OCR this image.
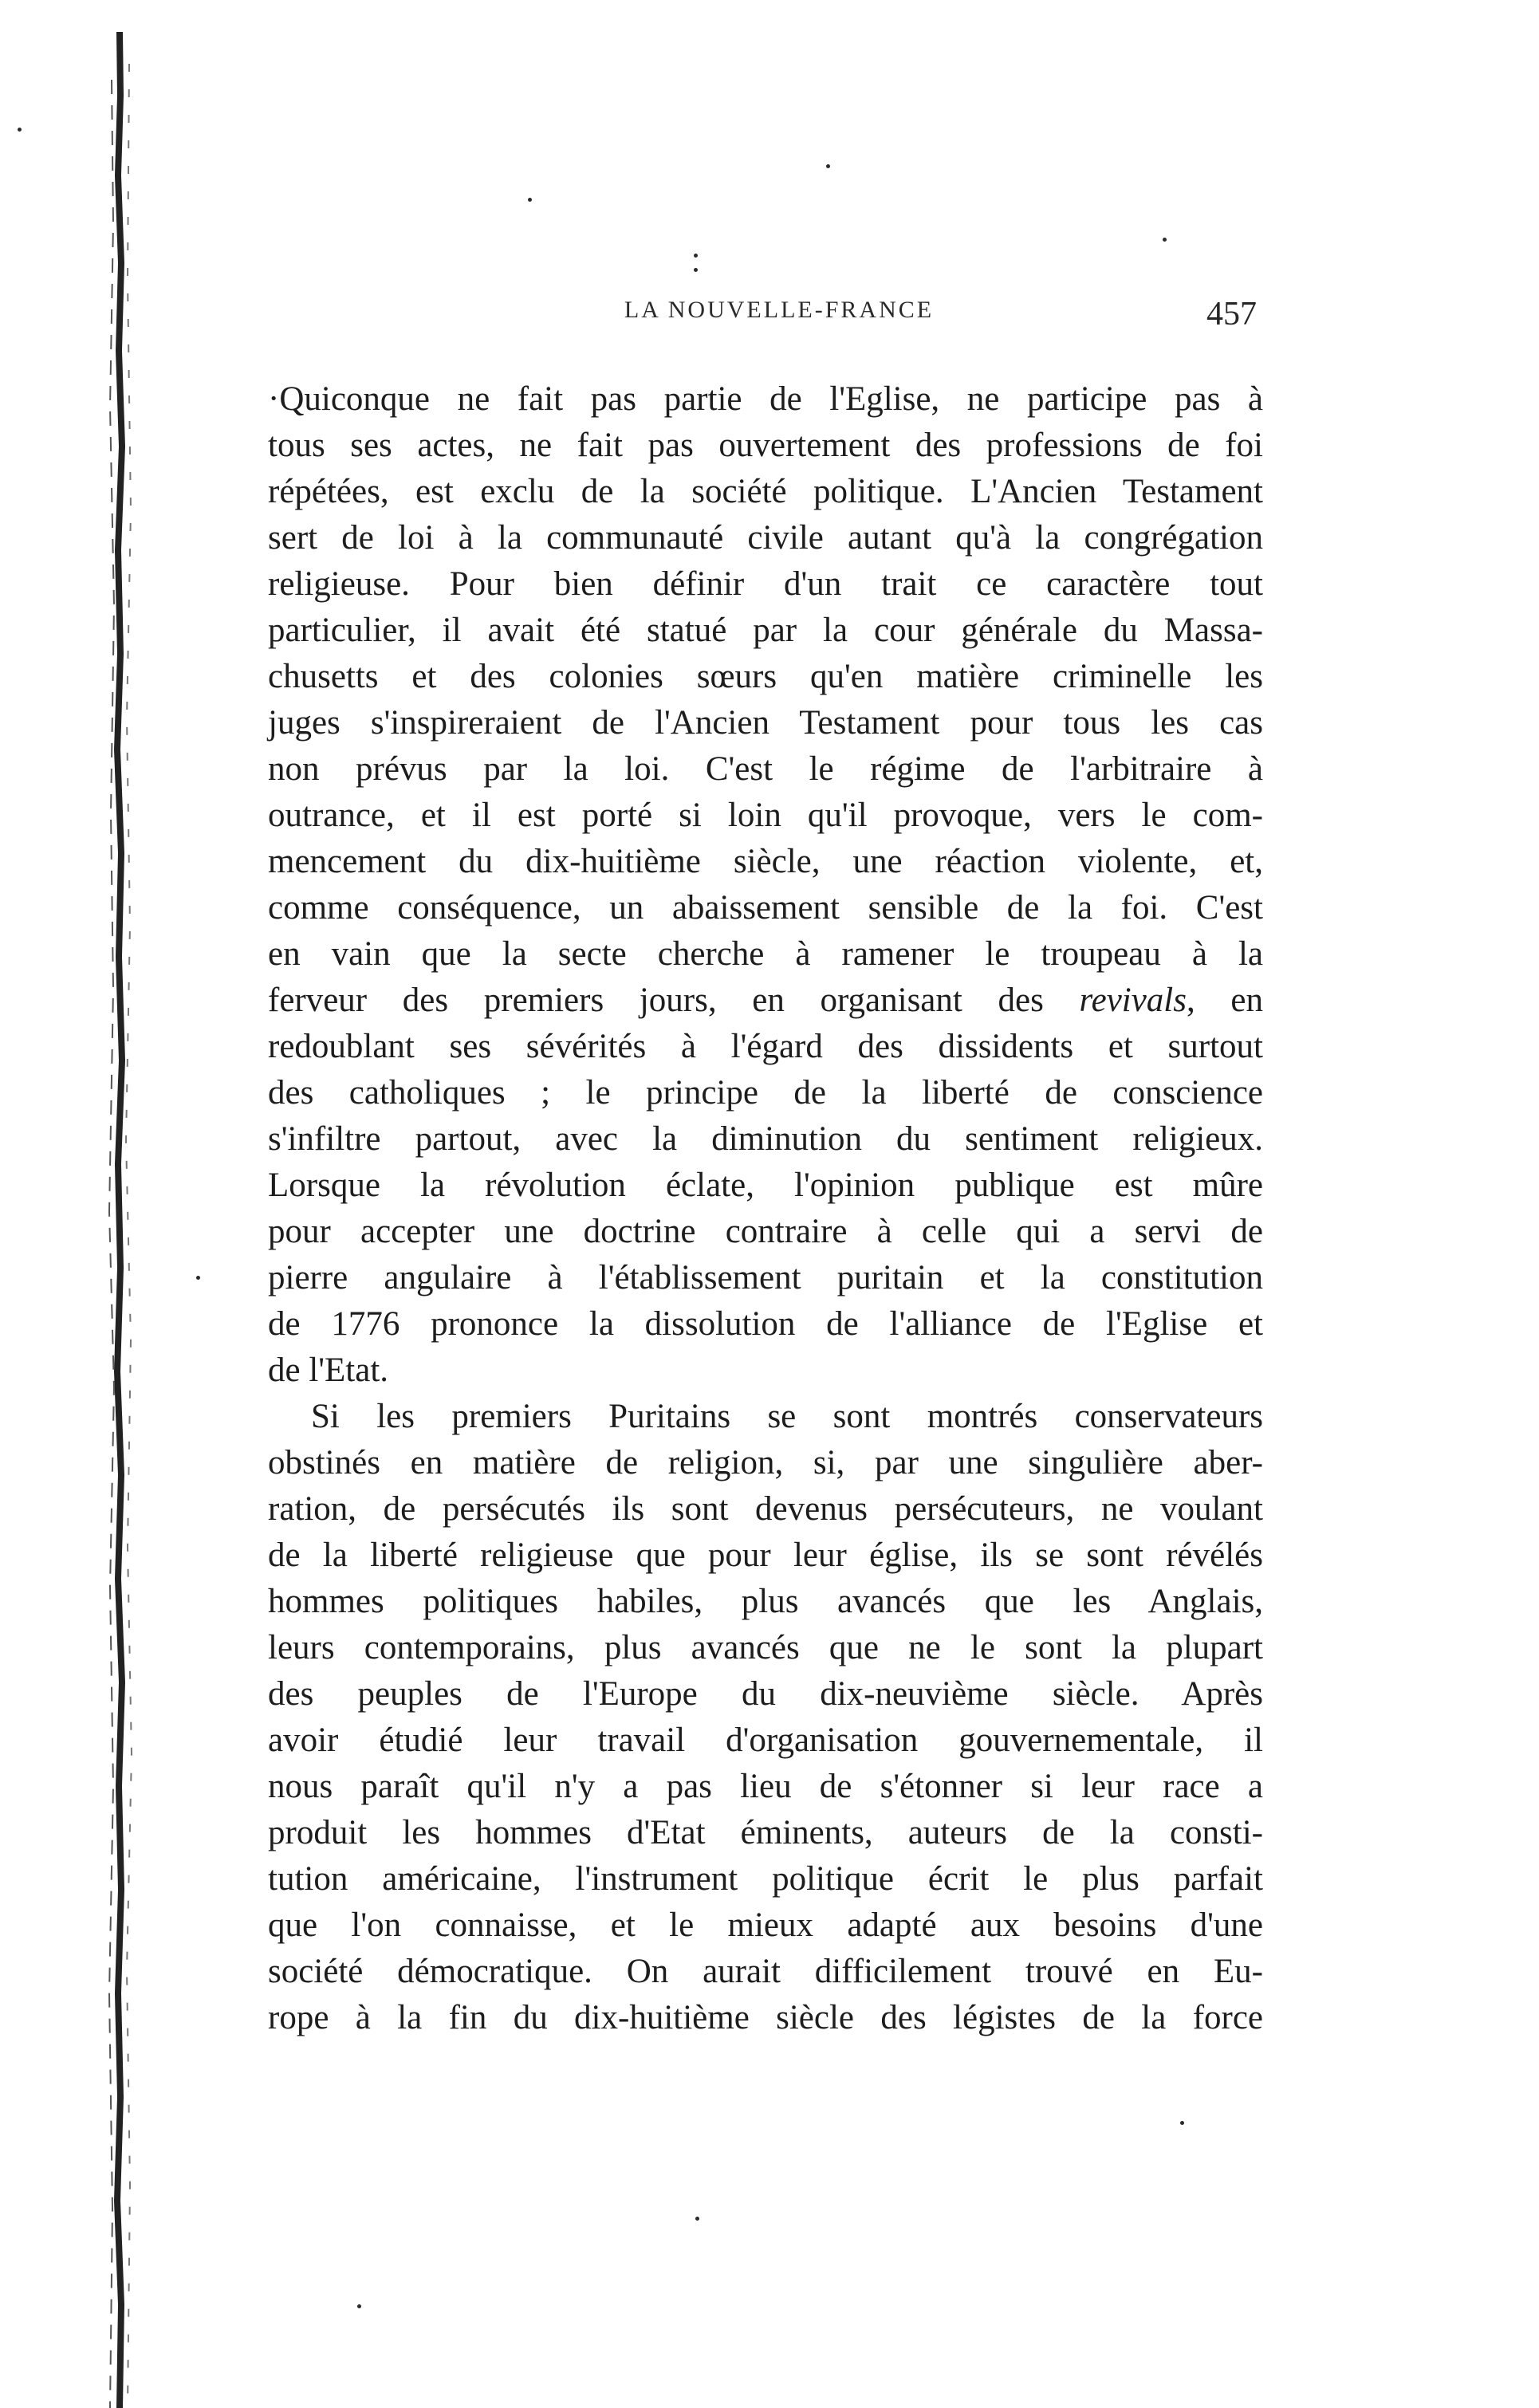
LA NOUVELLE-FRANCE	457
·Quiconque ne fait pas partie de l'Eglise, ne participe pas à
tous ses actes, ne fait pas ouvertement des professions de foi
répétées, est exclu de la société politique. L'Ancien Testament
sert de loi à la communauté civile autant qu'à la congrégation
religieuse. Pour bien définir d'un trait ce caractère tout
particulier, il avait été statué par la cour générale du Massa-
chusetts et des colonies sœurs qu'en matière criminelle les
juges s'inspireraient de l'Ancien Testament pour tous les cas
non prévus par la loi. C'est le régime de l'arbitraire à
outrance, et il est porté si loin qu'il provoque, vers le com-
mencement du dix-huitième siècle, une réaction violente, et,
comme conséquence, un abaissement sensible de la foi. C'est
en vain que la secte cherche à ramener le troupeau à la
ferveur des premiers jours, en organisant des revivals, en
redoublant ses sévérités à l'égard des dissidents et surtout
des catholiques ; le principe de la liberté de conscience
s'infiltre partout, avec la diminution du sentiment religieux.
Lorsque la révolution éclate, l'opinion publique est mûre
pour accepter une doctrine contraire à celle qui a servi de
pierre angulaire à l'établissement puritain et la constitution
de 1776 prononce la dissolution de l'alliance de l'Eglise et
de l'Etat.
Si les premiers Puritains se sont montrés conservateurs
obstinés en matière de religion, si, par une singulière aber-
ration, de persécutés ils sont devenus persécuteurs, ne voulant
de la liberté religieuse que pour leur église, ils se sont révélés
hommes politiques habiles, plus avancés que les Anglais,
leurs contemporains, plus avancés que ne le sont la plupart
des peuples de l'Europe du dix-neuvième siècle. Après
avoir étudié leur travail d'organisation gouvernementale, il
nous paraît qu'il n'y a pas lieu de s'étonner si leur race a
produit les hommes d'Etat éminents, auteurs de la consti-
tution américaine, l'instrument politique écrit le plus parfait
que l'on connaisse, et le mieux adapté aux besoins d'une
société démocratique. On aurait difficilement trouvé en Eu-
rope à la fin du dix-huitième siècle des légistes de la force
